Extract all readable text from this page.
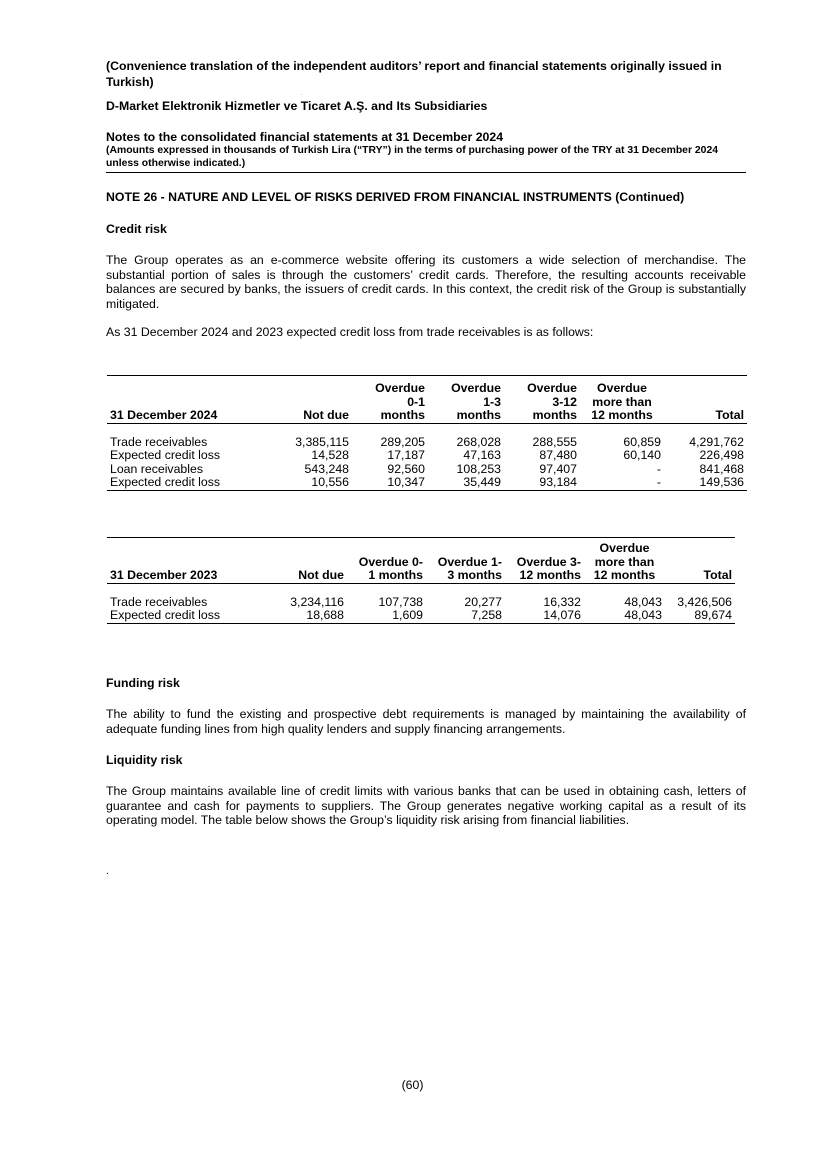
(Convenience translation of the independent auditors’ report and financial statements originally issued in Turkish)
.
D-Market Elektronik Hizmetler ve Ticaret A.Ş. and Its Subsidiaries
Notes to the consolidated financial statements at 31 December 2024
(Amounts expressed in thousands of Turkish Lira (“TRY”) in the terms of purchasing power of the TRY at 31 December 2024 unless otherwise indicated.)
NOTE 26 - NATURE AND LEVEL OF RISKS DERIVED FROM FINANCIAL INSTRUMENTS (Continued)
Credit risk

The Group operates as an e-commerce website offering its customers a wide selection of merchandise. The substantial portion of sales is through the customers’ credit cards. Therefore, the resulting accounts receivable balances are secured by banks, the issuers of credit cards. In this context, the credit risk of the Group is substantially mitigated.

As 31 December 2024 and 2023 expected credit loss from trade receivables is as follows:

		Overdue	Overdue	Overdue	Overdue	
		0-1	1-3	3-12	more than	
31 December 2024	Not due	months	months	months	12 months	Total

Trade receivables	3,385,115	289,205	268,028	288,555	60,859	4,291,762
Expected credit loss	14,528	17,187	47,163	87,480	60,140	226,498
Loan receivables	543,248	92,560	108,253	97,407	-	841,468
Expected credit loss	10,556	10,347	35,449	93,184	-	149,536

					Overdue	
		Overdue 0-	Overdue 1-	Overdue 3-	more than	
31 December 2023	Not due	1 months	3 months	12 months	12 months	Total

Trade receivables	3,234,116	107,738	20,277	16,332	48,043	3,426,506
Expected credit loss	18,688	1,609	7,258	14,076	48,043	89,674
Funding risk

The ability to fund the existing and prospective debt requirements is managed by maintaining the availability of adequate funding lines from high quality lenders and supply financing arrangements.

Liquidity risk

The Group maintains available line of credit limits with various banks that can be used in obtaining cash, letters of guarantee and cash for payments to suppliers. The Group generates negative working capital as a result of its operating model. The table below shows the Group’s liquidity risk arising from financial liabilities.

.
(60)
